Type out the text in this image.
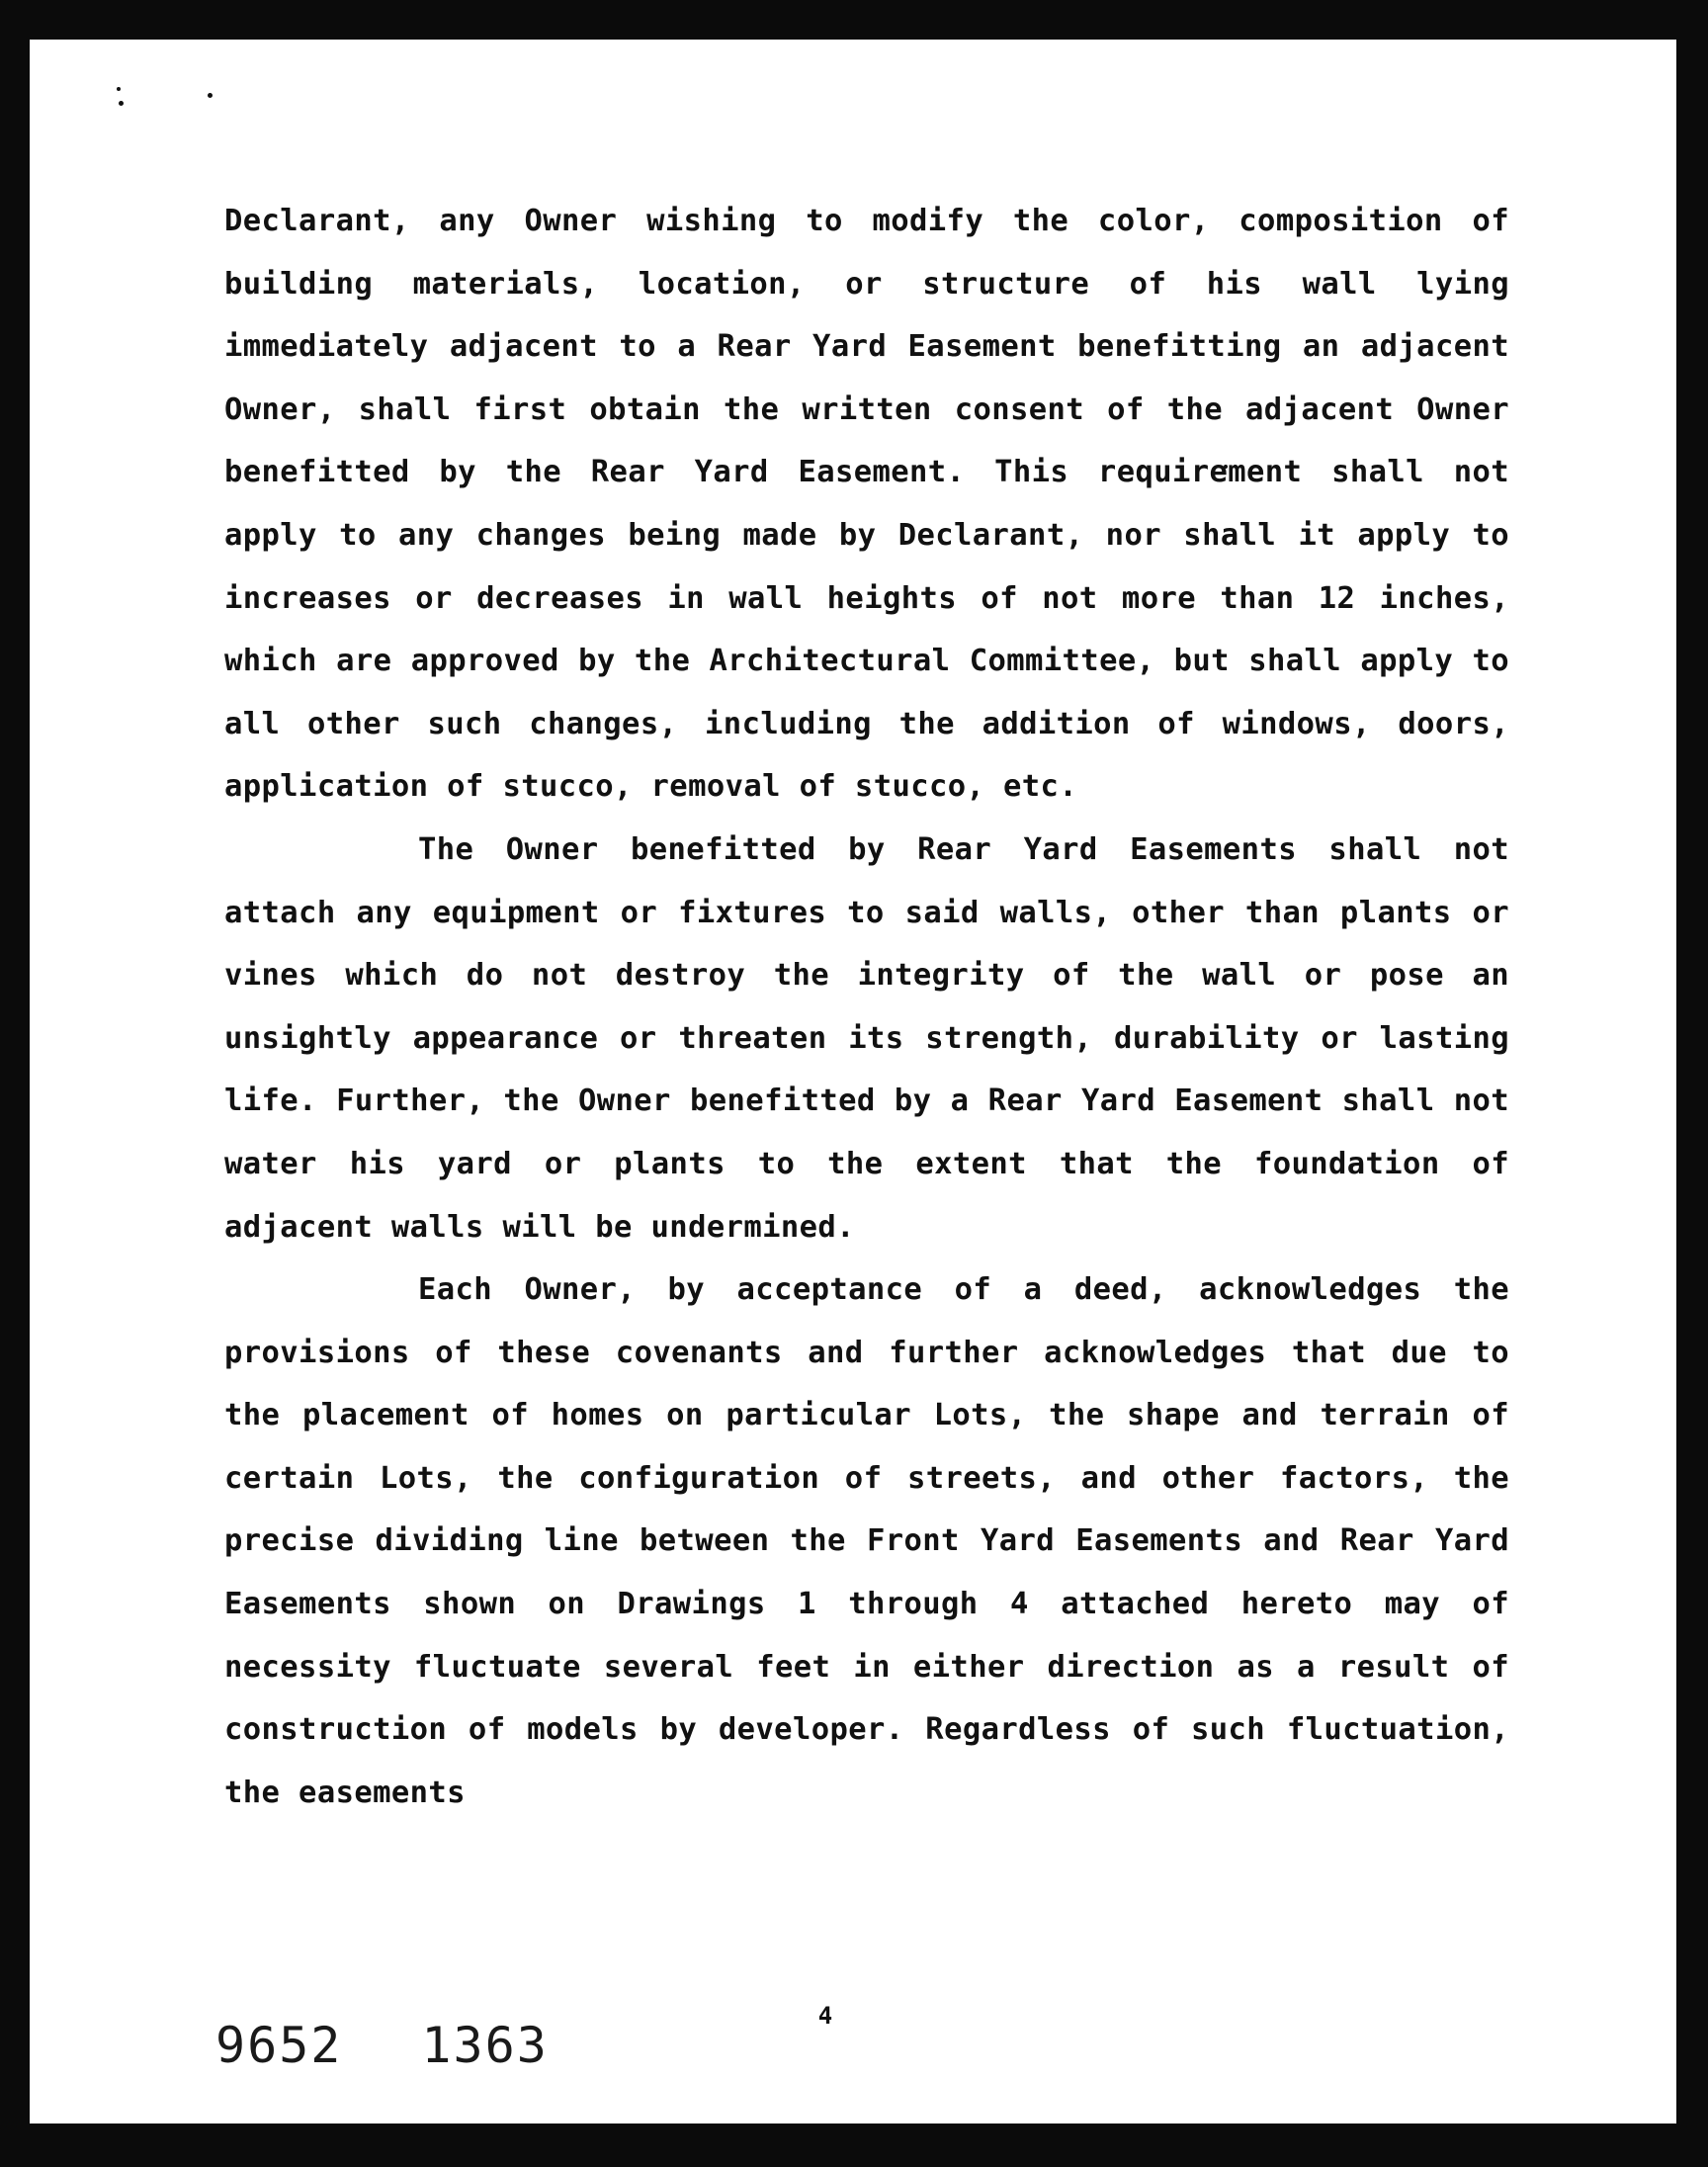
Declarant, any Owner wishing to modify the color, composition of building materials, location, or structure of his wall lying immediately adjacent to a Rear Yard Easement benefitting an adjacent Owner, shall first obtain the written consent of the adjacent Owner benefitted by the Rear Yard Easement. This requirement shall not apply to any changes being made by Declarant, nor shall it apply to increases or decreases in wall heights of not more than 12 inches, which are approved by the Architectural Committee, but shall apply to all other such changes, including the addition of windows, doors, application of stucco, removal of stucco, etc.

The Owner benefitted by Rear Yard Easements shall not attach any equipment or fixtures to said walls, other than plants or vines which do not destroy the integrity of the wall or pose an unsightly appearance or threaten its strength, durability or lasting life. Further, the Owner benefitted by a Rear Yard Easement shall not water his yard or plants to the extent that the foundation of adjacent walls will be undermined.

Each Owner, by acceptance of a deed, acknowledges the provisions of these covenants and further acknowledges that due to the placement of homes on particular Lots, the shape and terrain of certain Lots, the configuration of streets, and other factors, the precise dividing line between the Front Yard Easements and Rear Yard Easements shown on Drawings 1 through 4 attached hereto may of necessity fluctuate several feet in either direction as a result of construction of models by developer. Regardless of such fluctuation, the easements

4
9652 1363
